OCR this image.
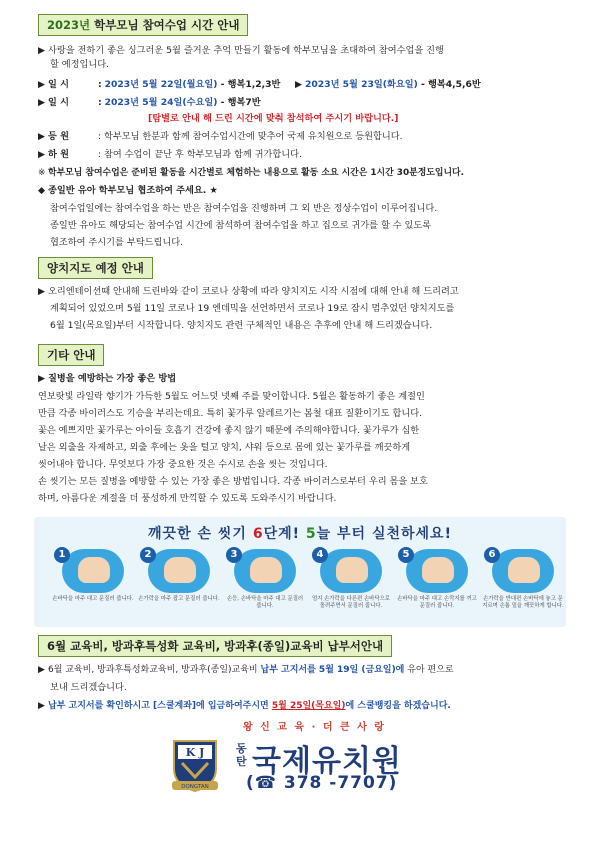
2023년 학부모님 참여수업 시간 안내
▶ 사랑을 전하기 좋은 싱그러운 5월 즐거운 추억 만들기 활동에 학부모님을 초대하여 참여수업을 진행
할 예정입니다.
▶ 일 시	: 2023년 5월 22일(월요일) - 행복1,2,3반 ▶ 2023년 5월 23일(화요일) - 행복4,5,6반
▶ 일 시	: 2023년 5월 24일(수요일) - 행복7반
[탐별로 안내 해 드린 시간에 맞춰 참석하여 주시기 바랍니다.]
▶ 등 원	: 학부모님 한분과 함께 참여수업시간에 맞추어 국제 유치원으로 등원합니다.
▶ 하 원	: 참여 수업이 끝난 후 학부모님과 함께 귀가합니다.
※ 학부모님 참여수업은 준비된 활동을 시간별로 체험하는 내용으로 활동 소요 시간은 1시간 30분정도입니다.
◆ 종일반 유아 학부모님 협조하여 주세요. ★
참여수업일에는 참여수업을 하는 반은 참여수업을 진행하며 그 외 반은 정상수업이 이루어집니다.
종일반 유아도 해당되는 참여수업 시간에 참석하여 참여수업을 하고 집으로 귀가를 할 수 있도록
협조하여 주시기를 부탁드립니다.
양치지도 예정 안내
▶ 오리엔테이션때 안내해 드린바와 같이 코로나 상황에 따라 양치지도 시작 시점에 대해 안내 해 드리려고
계획되어 있었으며 5월 11일 코로나 19 엔데믹을 선언하면서 코로나 19로 잠시 멈추었던 양치지도를
6월 1일(목요일)부터 시작합니다. 양치지도 관련 구체적인 내용은 추후에 안내 해 드리겠습니다.
기타 안내
▶ 질병을 예방하는 가장 좋은 방법
연보랏빛 라일락 향기가 가득한 5월도 어느덧 넷째 주를 맞이합니다. 5월은 활동하기 좋은 계절인
만큼 각종 바이러스도 기승을 부리는데요. 특히 꽃가루 알레르기는 봄철 대표 질환이기도 합니다.
꽃은 예쁘지만 꽃가루는 아이들 호흡기 건강에 좋지 않기 때문에 주의해야합니다. 꽃가루가 심한
날은 외출을 자제하고, 외출 후에는 옷을 털고 양치, 샤워 등으로 몸에 있는 꽃가루를 깨끗하게
씻어내야 합니다. 무엇보다 가장 중요한 것은 수시로 손을 씻는 것입니다.
손 씻기는 모든 질병을 예방할 수 있는 가장 좋은 방법입니다. 각종 바이러스로부터 우리 몸을 보호
하며, 아름다운 계절을 더 풍성하게 만끽할 수 있도록 도와주시기 바랍니다.
깨끗한 손 씻기 6단계! 5늘 부터 실천하세요!
1
손바닥을 마주 대고 문질러 줍니다.
2
손가락을 마주 잡고 문질러 줍니다.
3
손등, 손바닥을 마주 대고 문질러 줍니다.
4
엄지 손가락을 다른편 손바닥으로 돌려주면서 문질러 줍니다.
5
손바닥을 마주 대고 손깍지를 끼고 문질러 줍니다.
6
손가락을 반대편 손바닥에 놓고 문지르며 손톱 밑을 깨끗하게 합니다.
6월 교육비, 방과후특성화 교육비, 방과후(종일)교육비 납부서안내
▶ 6월 교육비, 방과후특성화교육비, 방과후(종일)교육비 납부 고지서를 5월 19일 (금요일)에 유아 편으로
보내 드리겠습니다.
▶ 납부 고지서를 확인하시고 [스쿨계좌]에 입금하여주시면 5월 25일(목요일)에 스쿨뱅킹을 하겠습니다.
왕 신 교 육 · 더 큰 사 랑
K J
DONGTAN
동탄 국제유치원
(☎ 378 -7707)
